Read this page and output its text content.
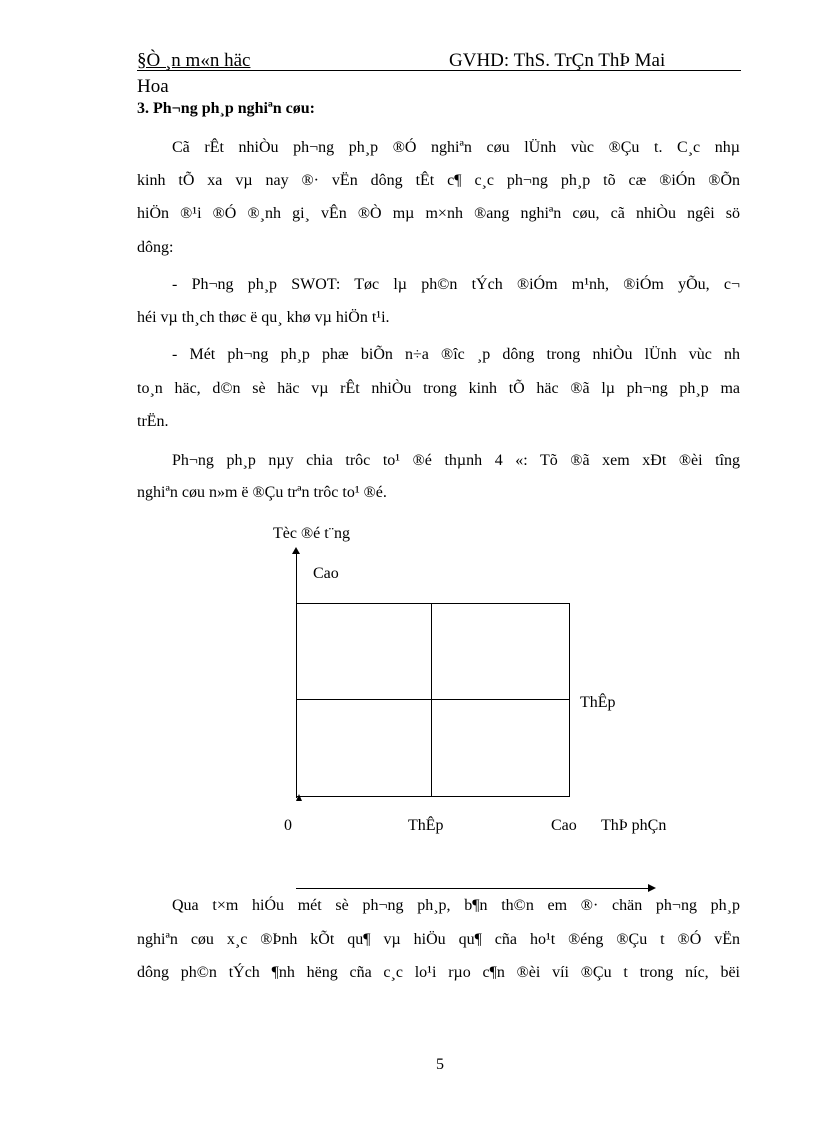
§Ò ¸n m«n häc	GVHD: ThS. TrÇn ThÞ Mai
Hoa
3. Ph¬ng ph¸p nghiªn cøu:
Cã rÊt nhiÒu ph¬ng ph¸p ®Ó nghiªn cøu lÜnh vùc ®Çu t. C¸c nhµ
kinh tÕ xa vµ nay ®· vËn dông tÊt c¶ c¸c ph¬ng ph¸p tõ cæ ®iÓn ®Õn
hiÖn ®¹i ®Ó ®¸nh gi¸ vÊn ®Ò mµ m×nh ®ang nghiªn cøu, cã nhiÒu ngêi sö
dông:
- Ph¬ng ph¸p SWOT: Tøc lµ ph©n tÝch ®iÓm m¹nh, ®iÓm yÕu, c¬
héi vµ th¸ch thøc ë qu¸ khø vµ hiÖn t¹i.
- Mét ph¬ng ph¸p phæ biÕn n÷a ®îc ¸p dông trong nhiÒu lÜnh vùc nh
to¸n häc, d©n sè häc vµ rÊt nhiÒu trong kinh tÕ häc ®ã lµ ph¬ng ph¸p ma
trËn.
Ph¬ng ph¸p nµy chia trôc to¹ ®é thµnh 4 «: Tõ ®ã xem xÐt ®èi tîng
nghiªn cøu n»m ë ®Çu trªn trôc to¹ ®é.
Tèc ®é t¨ng
Cao
ThÊp
0	ThÊp	Cao ThÞ phÇn
Qua t×m hiÓu mét sè ph¬ng ph¸p, b¶n th©n em ®· chän ph¬ng ph¸p
nghiªn cøu x¸c ®Þnh kÕt qu¶ vµ hiÖu qu¶ cña ho¹t ®éng ®Çu t ®Ó vËn
dông ph©n tÝch ¶nh hëng cña c¸c lo¹i rµo c¶n ®èi víi ®Çu t trong níc, bëi
5
